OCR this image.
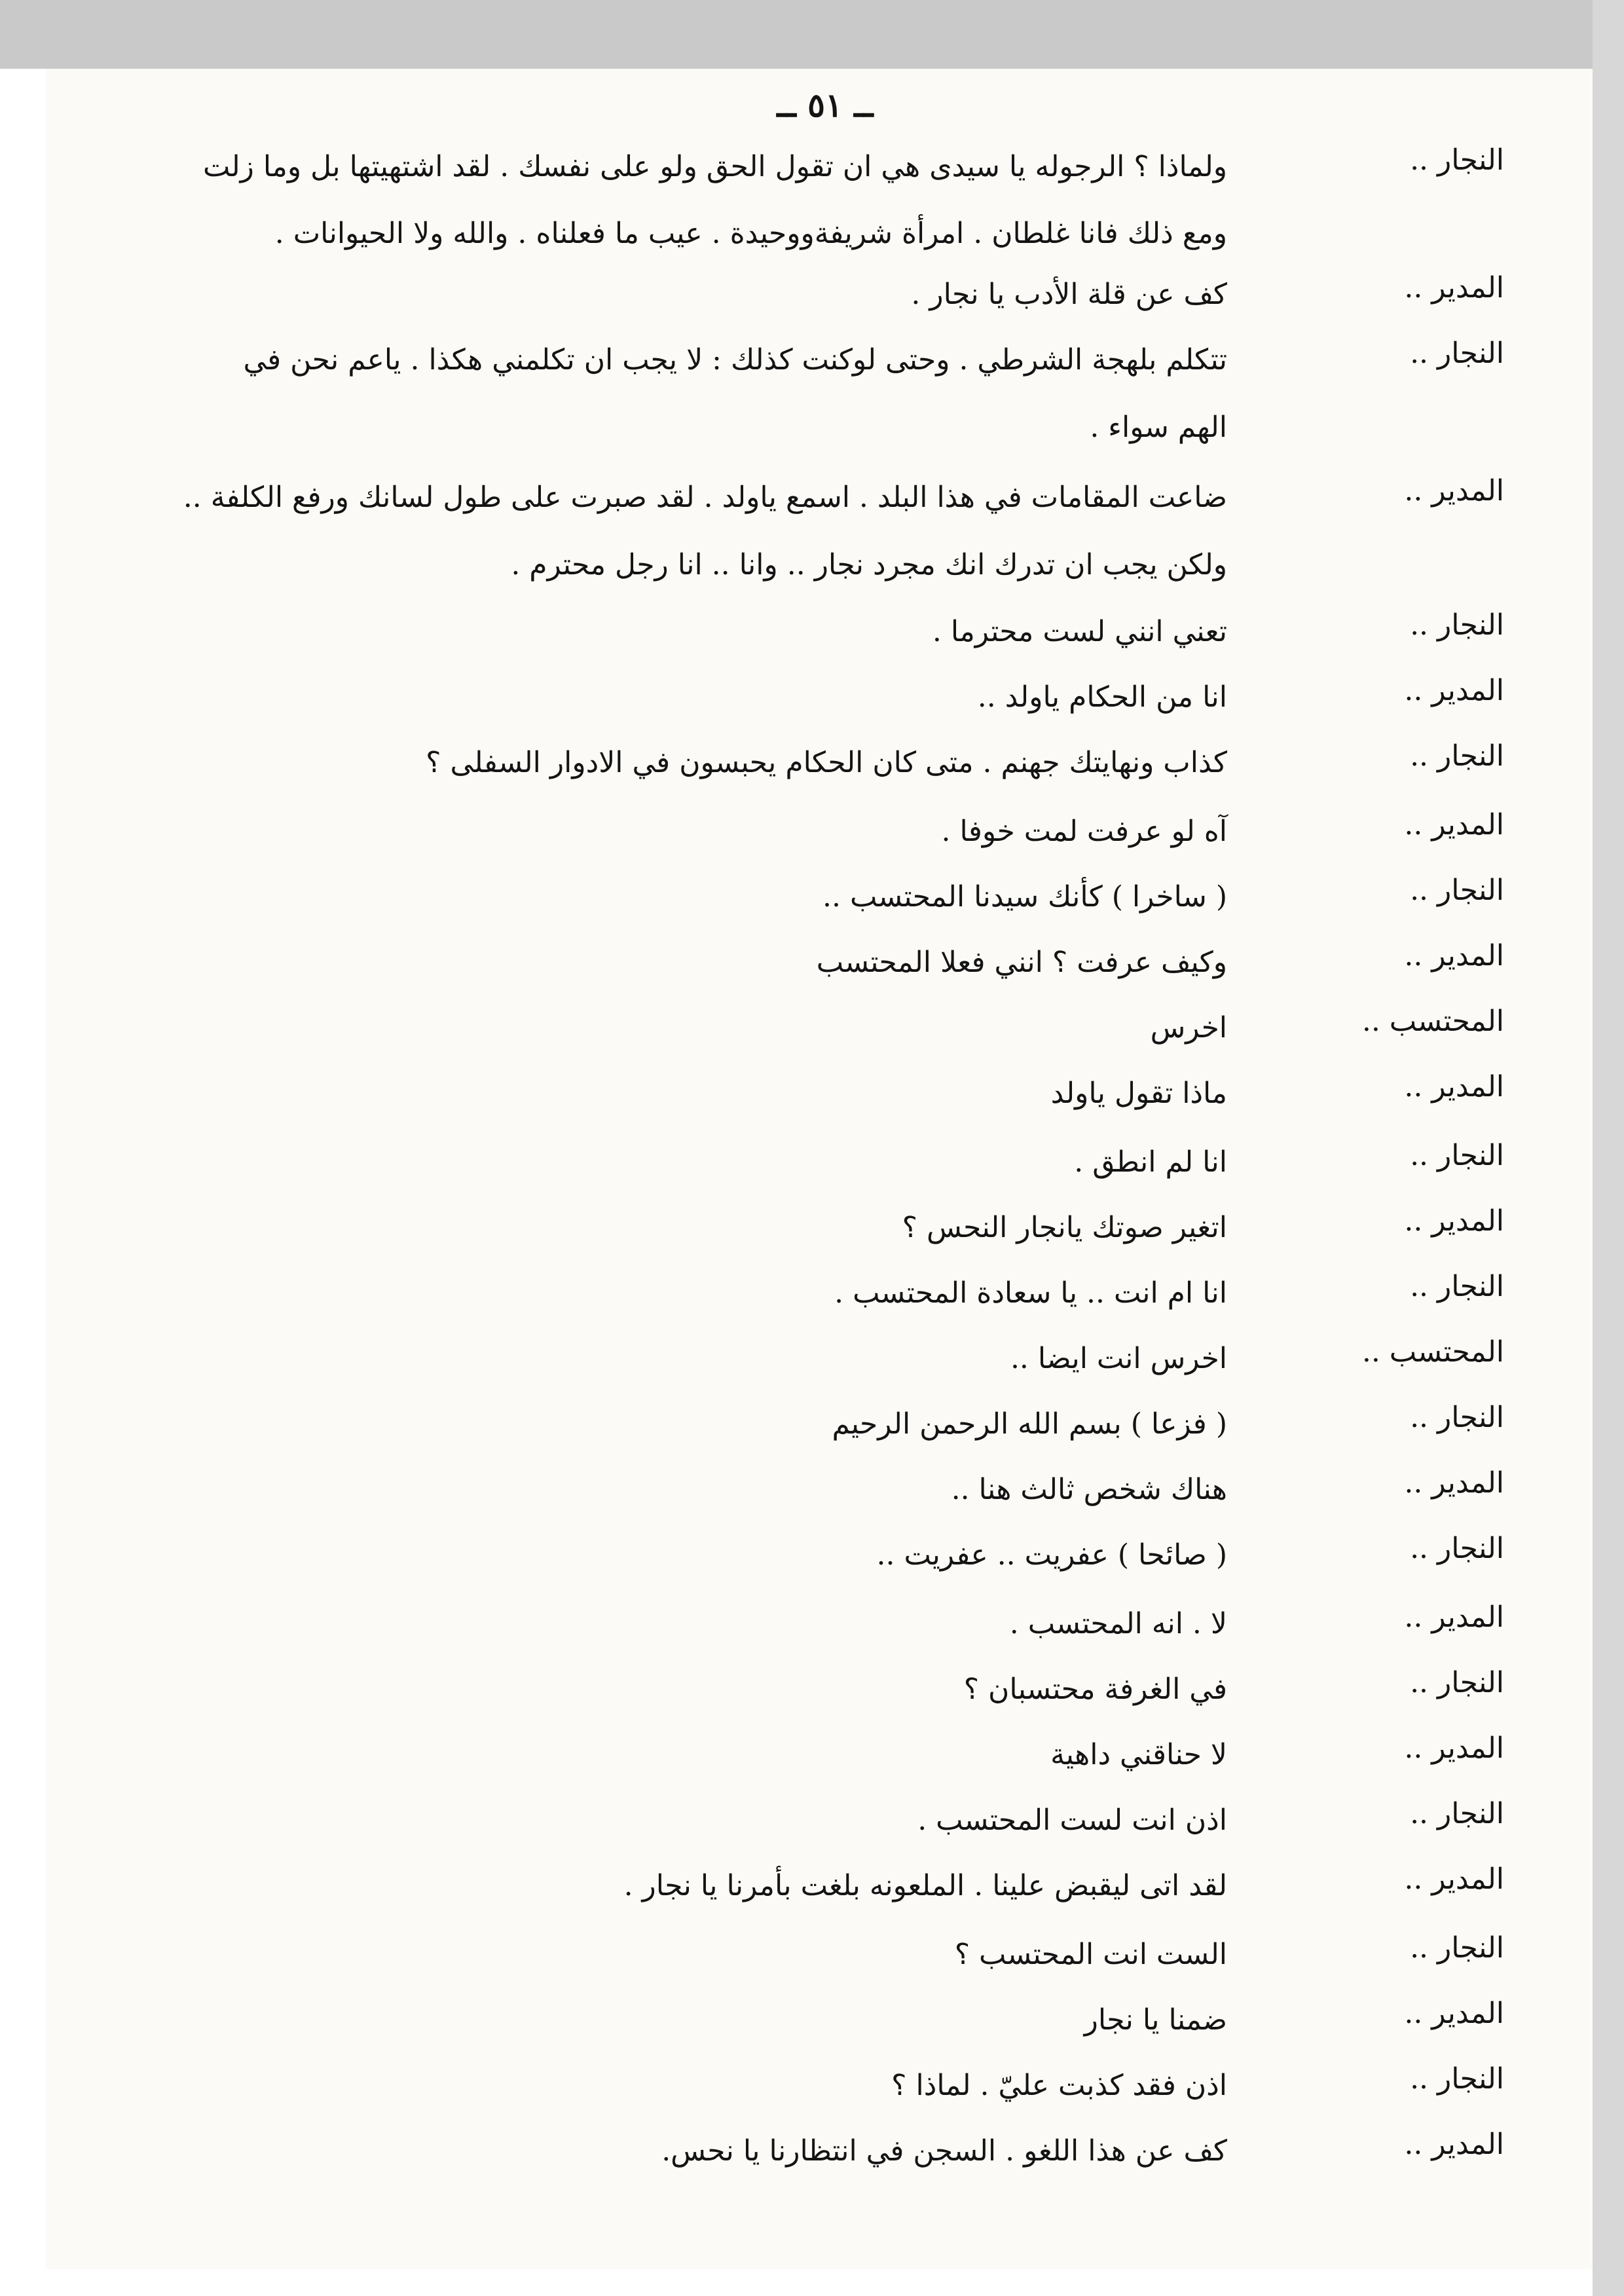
ــ ٥١ ــ
النجار ..
ولماذا ؟ الرجوله يا سيدى هي ان تقول الحق ولو على نفسك . لقد اشتهيتها بل وما زلت
ومع ذلك فانا غلطان . امرأة شريفةووحيدة . عيب ما فعلناه . والله ولا الحيوانات .
المدير ..
كف عن قلة الأدب يا نجار .
النجار ..
تتكلم بلهجة الشرطي . وحتى لوكنت كذلك : لا يجب ان تكلمني هكذا . ياعم نحن في
الهم سواء .
المدير ..
ضاعت المقامات في هذا البلد . اسمع ياولد . لقد صبرت على طول لسانك ورفع الكلفة ..
ولكن يجب ان تدرك انك مجرد نجار .. وانا .. انا رجل محترم .
النجار ..
تعني انني لست محترما .
المدير ..
انا من الحكام ياولد ..
النجار ..
كذاب ونهايتك جهنم . متى كان الحكام يحبسون في الادوار السفلى ؟
المدير ..
آه لو عرفت لمت خوفا .
النجار ..
( ساخرا ) كأنك سيدنا المحتسب ..
المدير ..
وكيف عرفت ؟ انني فعلا المحتسب
المحتسب ..
اخرس
المدير ..
ماذا تقول ياولد
النجار ..
انا لم انطق .
المدير ..
اتغير صوتك يانجار النحس ؟
النجار ..
انا ام انت .. يا سعادة المحتسب .
المحتسب ..
اخرس انت ايضا ..
النجار ..
( فزعا ) بسم الله الرحمن الرحيم
المدير ..
هناك شخص ثالث هنا ..
النجار ..
( صائحا ) عفريت .. عفريت ..
المدير ..
لا . انه المحتسب .
النجار ..
في الغرفة محتسبان ؟
المدير ..
لا حناقني داهية
النجار ..
اذن انت لست المحتسب .
المدير ..
لقد اتى ليقبض علينا . الملعونه بلغت بأمرنا يا نجار .
النجار ..
الست انت المحتسب ؟
المدير ..
ضمنا يا نجار
النجار ..
اذن فقد كذبت عليّ . لماذا ؟
المدير ..
كف عن هذا اللغو . السجن في انتظارنا يا نحس.
